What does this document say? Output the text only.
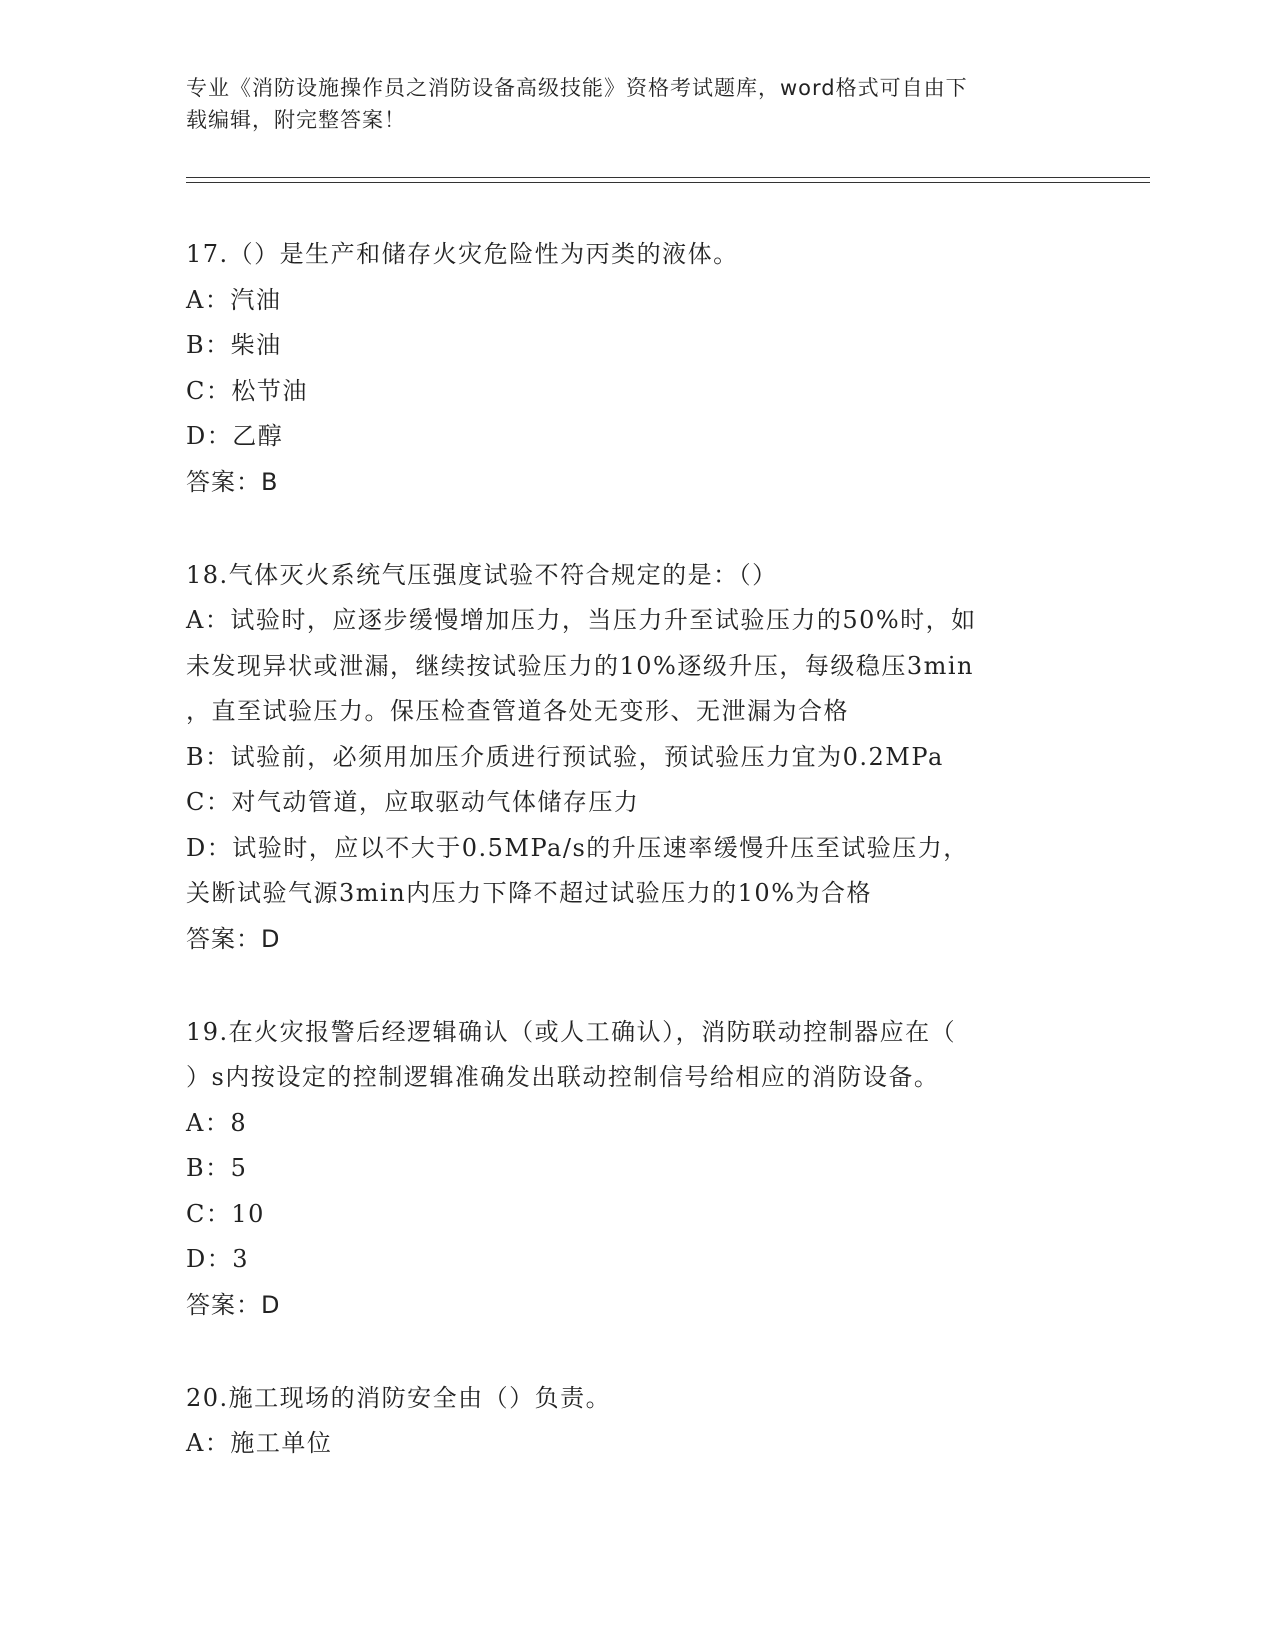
专业《消防设施操作员之消防设备高级技能》资格考试题库，word格式可自由下
载编辑，附完整答案！
17.（）是生产和储存火灾危险性为丙类的液体。
A：汽油
B：柴油
C：松节油
D：乙醇
答案：B
18.气体灭火系统气压强度试验不符合规定的是：（）
A：试验时，应逐步缓慢增加压力，当压力升至试验压力的50%时，如
未发现异状或泄漏，继续按试验压力的10%逐级升压，每级稳压3min
，直至试验压力。保压检查管道各处无变形、无泄漏为合格
B：试验前，必须用加压介质进行预试验，预试验压力宜为0.2MPa
C：对气动管道，应取驱动气体储存压力
D：试验时，应以不大于0.5MPa/s的升压速率缓慢升压至试验压力，
关断试验气源3min内压力下降不超过试验压力的10%为合格
答案：D
19.在火灾报警后经逻辑确认（或人工确认），消防联动控制器应在（
）s内按设定的控制逻辑准确发出联动控制信号给相应的消防设备。
A：8
B：5
C：10
D：3
答案：D
20.施工现场的消防安全由（）负责。
A：施工单位
